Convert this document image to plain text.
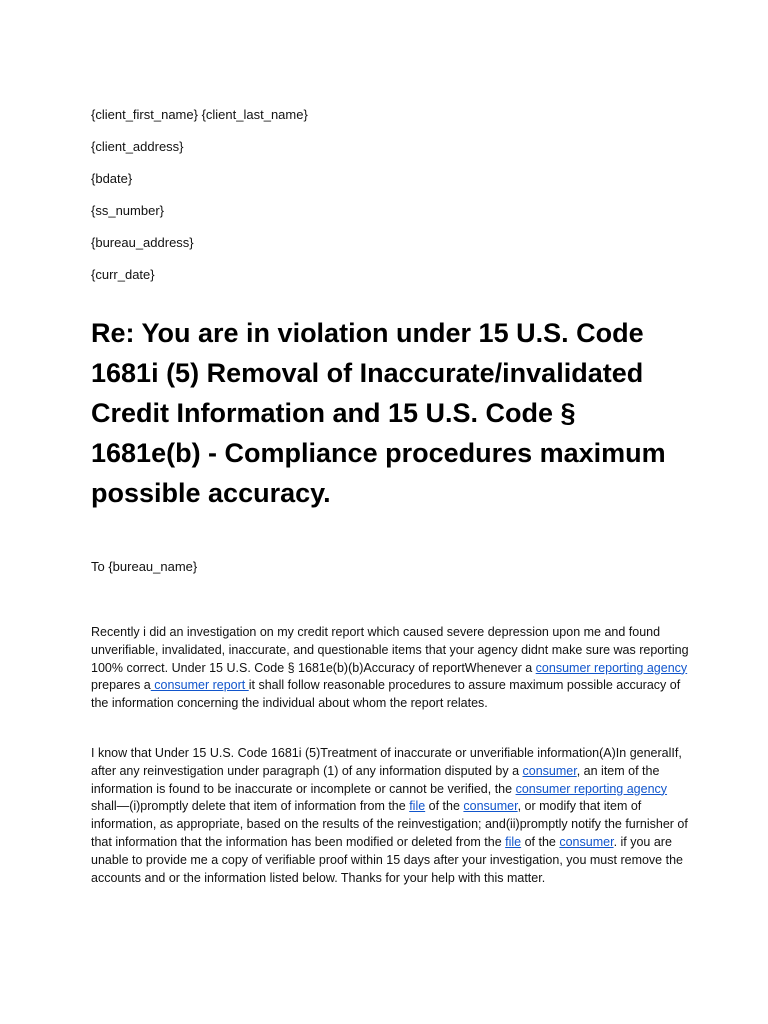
{client_first_name} {client_last_name}

{client_address}

{bdate}

{ss_number}

{bureau_address}

{curr_date}

Re: You are in violation under 15 U.S. Code 1681i (5) Removal of Inaccurate/invalidated Credit Information and 15 U.S. Code § 1681e(b) - Compliance procedures maximum possible accuracy.

To {bureau_name}

Recently i did an investigation on my credit report which caused severe depression upon me and found unverifiable, invalidated, inaccurate, and questionable items that your agency didnt make sure was reporting 100% correct. Under 15 U.S. Code § 1681e(b)(b)Accuracy of reportWhenever a consumer reporting agency prepares a consumer report it shall follow reasonable procedures to assure maximum possible accuracy of the information concerning the individual about whom the report relates.

I know that Under 15 U.S. Code 1681i (5)Treatment of inaccurate or unverifiable information(A)In generalIf, after any reinvestigation under paragraph (1) of any information disputed by a consumer, an item of the information is found to be inaccurate or incomplete or cannot be verified, the consumer reporting agency shall—(i)promptly delete that item of information from the file of the consumer, or modify that item of information, as appropriate, based on the results of the reinvestigation; and(ii)promptly notify the furnisher of that information that the information has been modified or deleted from the file of the consumer. if you are unable to provide me a copy of verifiable proof within 15 days after your investigation, you must remove the accounts and or the information listed below. Thanks for your help with this matter.
